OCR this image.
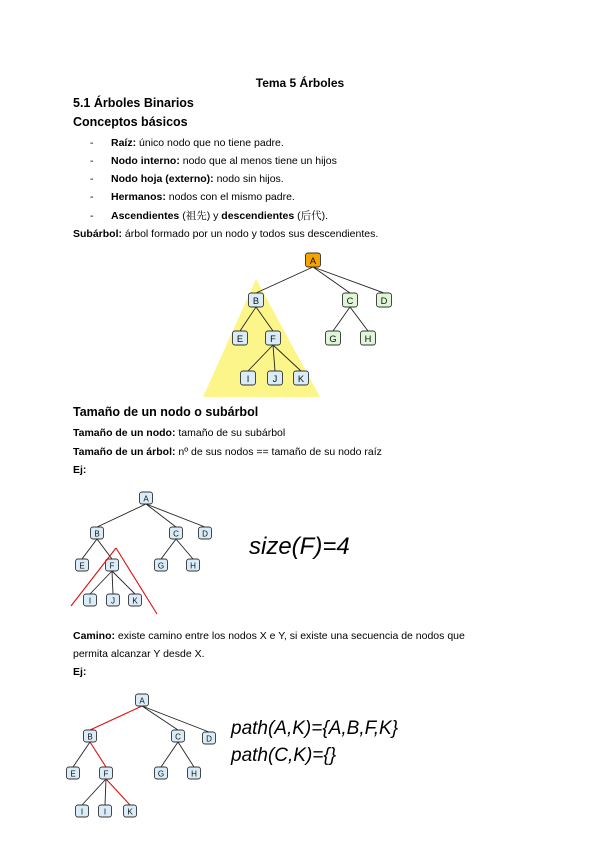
Tema 5 Árboles
5.1 Árboles Binarios
Conceptos básicos
- Raíz: único nodo que no tiene padre.
- Nodo interno: nodo que al menos tiene un hijos
- Nodo hoja (externo): nodo sin hijos.
- Hermanos: nodos con el mismo padre.
- Ascendientes (祖先) y descendientes (后代).
Subárbol: árbol formado por un nodo y todos sus descendientes.
Tamaño de un nodo o subárbol
Tamaño de un nodo: tamaño de su subárbol
Tamaño de un árbol: nº de sus nodos == tamaño de su nodo raíz
Ej:
size(F)=4
Camino: existe camino entre los nodos X e Y, si existe una secuencia de nodos que
permita alcanzar Y desde X.
Ej:
path(A,K)={A,B,F,K}
path(C,K)={}
A
B	C	D
E	F	G	H
I	J K
A
B	C	D
E	F	G	H
I J K
A
B	C	D
E	F	G	H
I	I	K
